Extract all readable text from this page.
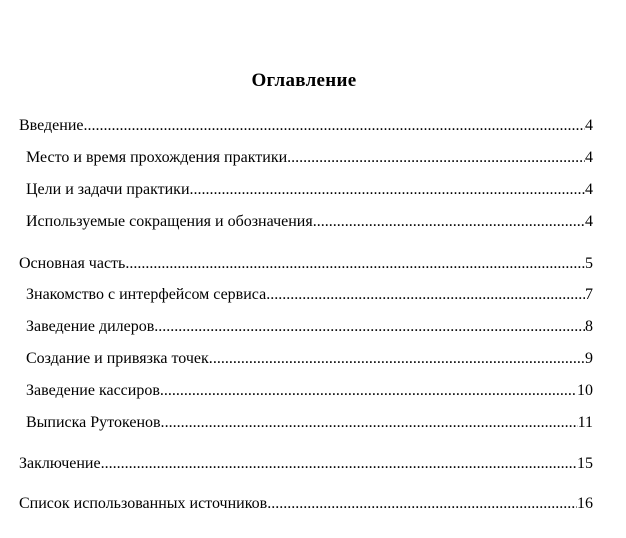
Оглавление
Введение .....	4
Место и время прохождения практики .....	4
Цели и задачи практики. .....	4
Используемые сокращения и обозначения .....	4
Основная часть .....	5
Знакомство с интерфейсом сервиса. .....	7
Заведение дилеров. .....	8
Создание и привязка точек. .....	9
Заведение кассиров. .....	10
Выписка Рутокенов. .....	11
Заключение .....	15
Список использованных источников .....	16
